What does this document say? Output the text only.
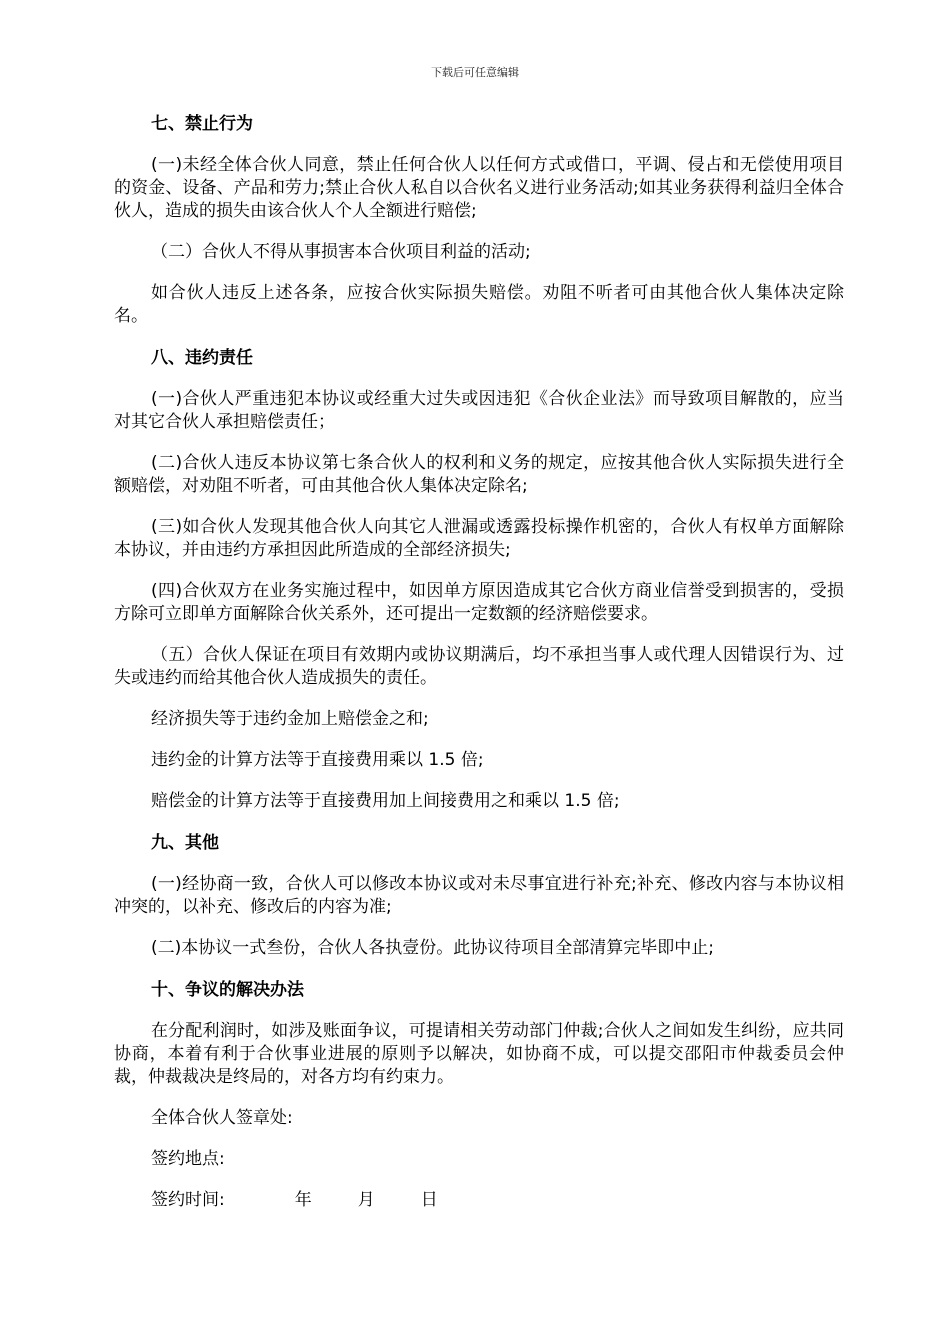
下载后可任意编辑
七、禁止行为
(一)未经全体合伙人同意，禁止任何合伙人以任何方式或借口，平调、侵占和无偿使用项目的资金、设备、产品和劳力;禁止合伙人私自以合伙名义进行业务活动;如其业务获得利益归全体合伙人，造成的损失由该合伙人个人全额进行赔偿;
（二）合伙人不得从事损害本合伙项目利益的活动;
如合伙人违反上述各条，应按合伙实际损失赔偿。劝阻不听者可由其他合伙人集体决定除名。
八、违约责任
(一)合伙人严重违犯本协议或经重大过失或因违犯《合伙企业法》而导致项目解散的，应当对其它合伙人承担赔偿责任；
(二)合伙人违反本协议第七条合伙人的权利和义务的规定，应按其他合伙人实际损失进行全额赔偿，对劝阻不听者，可由其他合伙人集体决定除名;
(三)如合伙人发现其他合伙人向其它人泄漏或透露投标操作机密的，合伙人有权单方面解除本协议，并由违约方承担因此所造成的全部经济损失;
(四)合伙双方在业务实施过程中，如因单方原因造成其它合伙方商业信誉受到损害的，受损方除可立即单方面解除合伙关系外，还可提出一定数额的经济赔偿要求。
（五）合伙人保证在项目有效期内或协议期满后，均不承担当事人或代理人因错误行为、过失或违约而给其他合伙人造成损失的责任。
经济损失等于违约金加上赔偿金之和;
违约金的计算方法等于直接费用乘以 1.5 倍;
赔偿金的计算方法等于直接费用加上间接费用之和乘以 1.5 倍;
九、其他
(一)经协商一致，合伙人可以修改本协议或对未尽事宜进行补充;补充、修改内容与本协议相冲突的，以补充、修改后的内容为准;
(二)本协议一式叁份，合伙人各执壹份。此协议待项目全部清算完毕即中止;
十、争议的解决办法
在分配利润时，如涉及账面争议，可提请相关劳动部门仲裁;合伙人之间如发生纠纷，应共同协商，本着有利于合伙事业进展的原则予以解决，如协商不成，可以提交邵阳市仲裁委员会仲裁，仲裁裁决是终局的，对各方均有约束力。
全体合伙人签章处:
签约地点:
签约时间:	年	月	日
